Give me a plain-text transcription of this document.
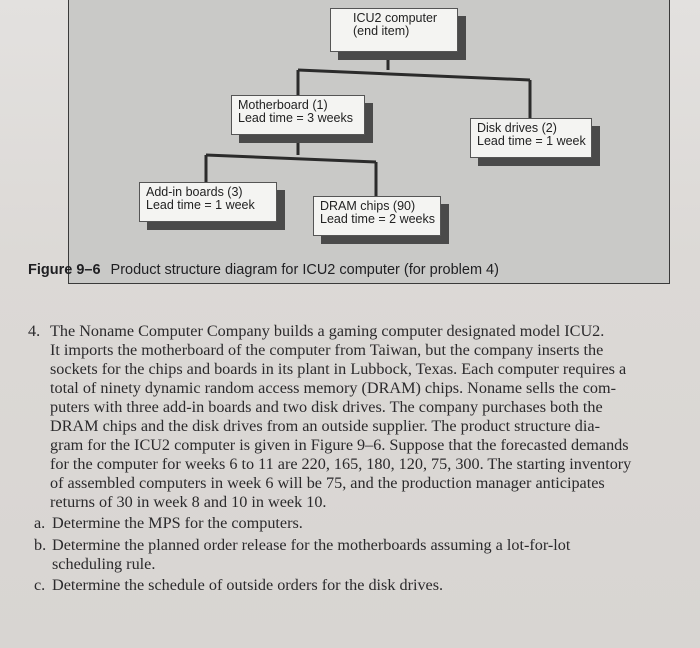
ICU2 computer
(end item)
Motherboard (1)
Lead time = 3 weeks
Disk drives (2)
Lead time = 1 week
Add-in boards (3)
Lead time = 1 week	DRAM chips (90)
Lead time = 2 weeks
Figure 9–6 Product structure diagram for ICU2 computer (for problem 4)
4. The Noname Computer Company builds a gaming computer designated model ICU2.
It imports the motherboard of the computer from Taiwan, but the company inserts the
sockets for the chips and boards in its plant in Lubbock, Texas. Each computer requires a
total of ninety dynamic random access memory (DRAM) chips. Noname sells the com-
puters with three add-in boards and two disk drives. The company purchases both the
DRAM chips and the disk drives from an outside supplier. The product structure dia-
gram for the ICU2 computer is given in Figure 9–6. Suppose that the forecasted demands
for the computer for weeks 6 to 11 are 220, 165, 180, 120, 75, 300. The starting inventory
of assembled computers in week 6 will be 75, and the production manager anticipates
returns of 30 in week 8 and 10 in week 10.
a. Determine the MPS for the computers.
b. Determine the planned order release for the motherboards assuming a lot-for-lot
scheduling rule.
c. Determine the schedule of outside orders for the disk drives.
